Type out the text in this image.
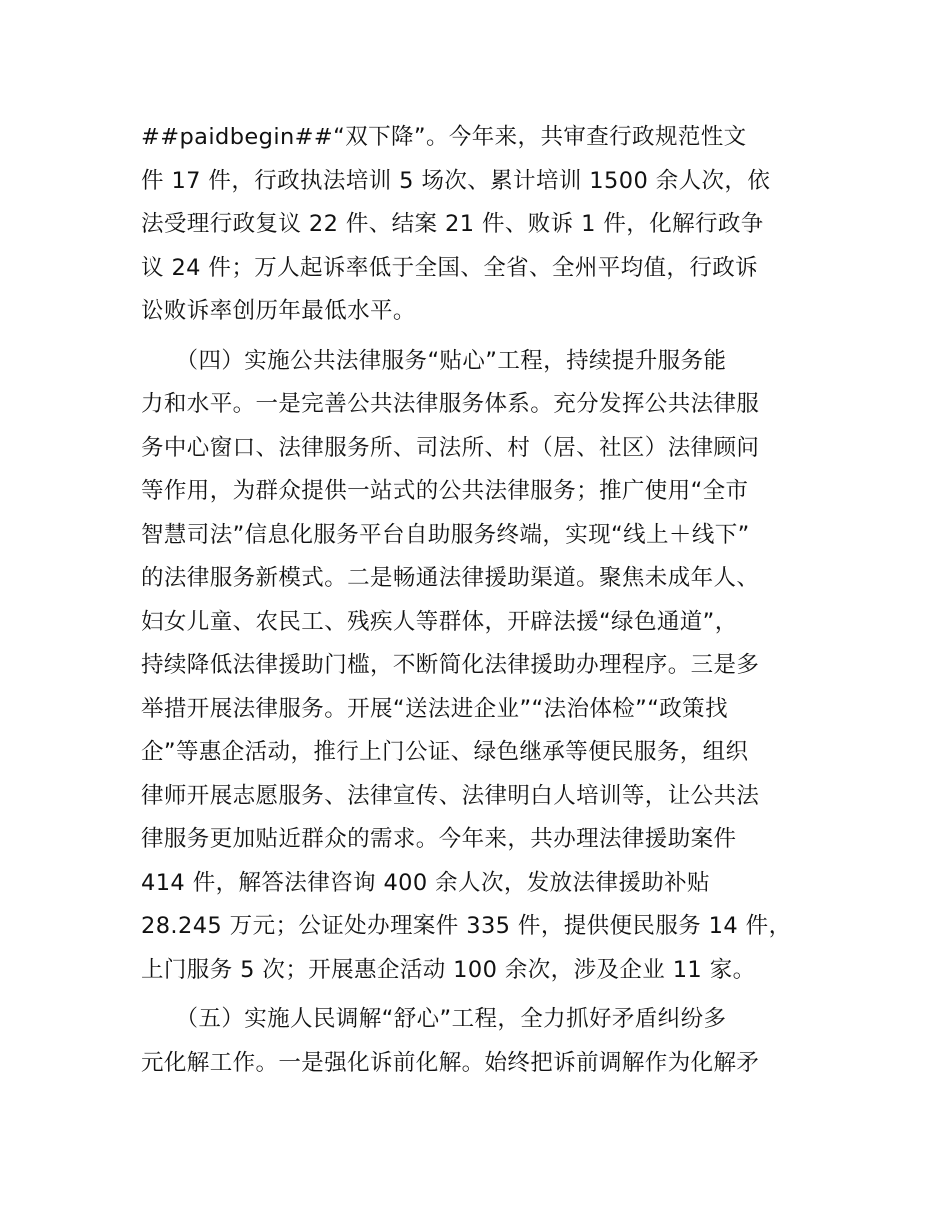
##paidbegin##“双下降”。今年来，共审查行政规范性文
件 17 件，行政执法培训 5 场次、累计培训 1500 余人次，依
法受理行政复议 22 件、结案 21 件、败诉 1 件，化解行政争
议 24 件；万人起诉率低于全国、全省、全州平均值，行政诉
讼败诉率创历年最低水平。
　　（四）实施公共法律服务“贴心”工程，持续提升服务能
力和水平。一是完善公共法律服务体系。充分发挥公共法律服
务中心窗口、法律服务所、司法所、村（居、社区）法律顾问
等作用，为群众提供一站式的公共法律服务；推广使用“全市
智慧司法”信息化服务平台自助服务终端，实现“线上＋线下”
的法律服务新模式。二是畅通法律援助渠道。聚焦未成年人、
妇女儿童、农民工、残疾人等群体，开辟法援“绿色通道”，
持续降低法律援助门槛，不断简化法律援助办理程序。三是多
举措开展法律服务。开展“送法进企业”“法治体检”“政策找
企”等惠企活动，推行上门公证、绿色继承等便民服务，组织
律师开展志愿服务、法律宣传、法律明白人培训等，让公共法
律服务更加贴近群众的需求。今年来，共办理法律援助案件
414 件，解答法律咨询 400 余人次，发放法律援助补贴
28.245 万元；公证处办理案件 335 件，提供便民服务 14 件，
上门服务 5 次；开展惠企活动 100 余次，涉及企业 11 家。
　　（五）实施人民调解“舒心”工程，全力抓好矛盾纠纷多
元化解工作。一是强化诉前化解。始终把诉前调解作为化解矛
